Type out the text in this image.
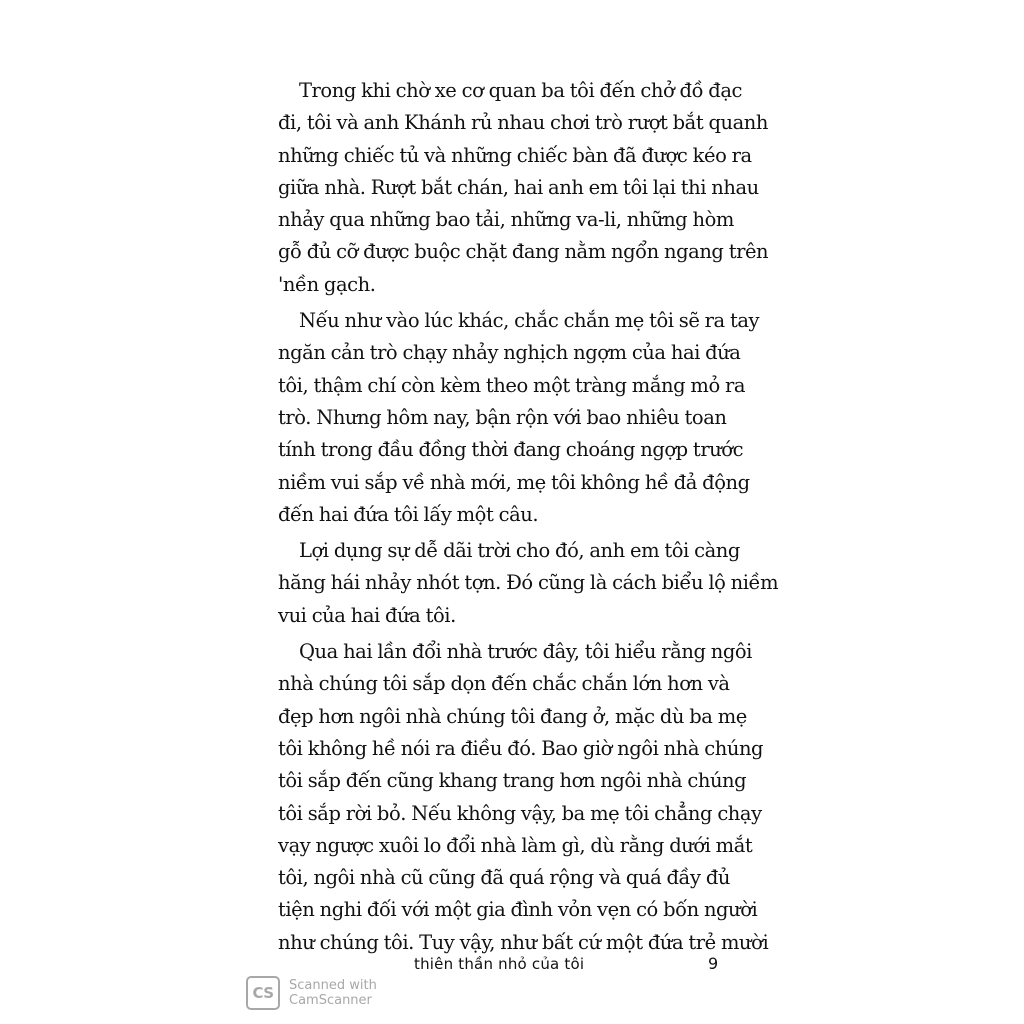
Trong khi chờ xe cơ quan ba tôi đến chở đồ đạc
đi, tôi và anh Khánh rủ nhau chơi trò rượt bắt quanh
những chiếc tủ và những chiếc bàn đã được kéo ra
giữa nhà. Rượt bắt chán, hai anh em tôi lại thi nhau
nhảy qua những bao tải, những va-li, những hòm
gỗ đủ cỡ được buộc chặt đang nằm ngổn ngang trên
'nền gạch.
Nếu như vào lúc khác, chắc chắn mẹ tôi sẽ ra tay
ngăn cản trò chạy nhảy nghịch ngợm của hai đứa
tôi, thậm chí còn kèm theo một tràng mắng mỏ ra
trò. Nhưng hôm nay, bận rộn với bao nhiêu toan
tính trong đầu đồng thời đang choáng ngợp trước
niềm vui sắp về nhà mới, mẹ tôi không hề đả động
đến hai đứa tôi lấy một câu.
Lợi dụng sự dễ dãi trời cho đó, anh em tôi càng
hăng hái nhảy nhót tợn. Đó cũng là cách biểu lộ niềm
vui của hai đứa tôi.
Qua hai lần đổi nhà trước đây, tôi hiểu rằng ngôi
nhà chúng tôi sắp dọn đến chắc chắn lớn hơn và
đẹp hơn ngôi nhà chúng tôi đang ở, mặc dù ba mẹ
tôi không hề nói ra điều đó. Bao giờ ngôi nhà chúng
tôi sắp đến cũng khang trang hơn ngôi nhà chúng
tôi sắp rời bỏ. Nếu không vậy, ba mẹ tôi chẳng chạy
vạy ngược xuôi lo đổi nhà làm gì, dù rằng dưới mắt
tôi, ngôi nhà cũ cũng đã quá rộng và quá đầy đủ
tiện nghi đối với một gia đình vỏn vẹn có bốn người
như chúng tôi. Tuy vậy, như bất cứ một đứa trẻ mười
thiên thần nhỏ của tôi	9
CS	Scanned with
CamScanner
